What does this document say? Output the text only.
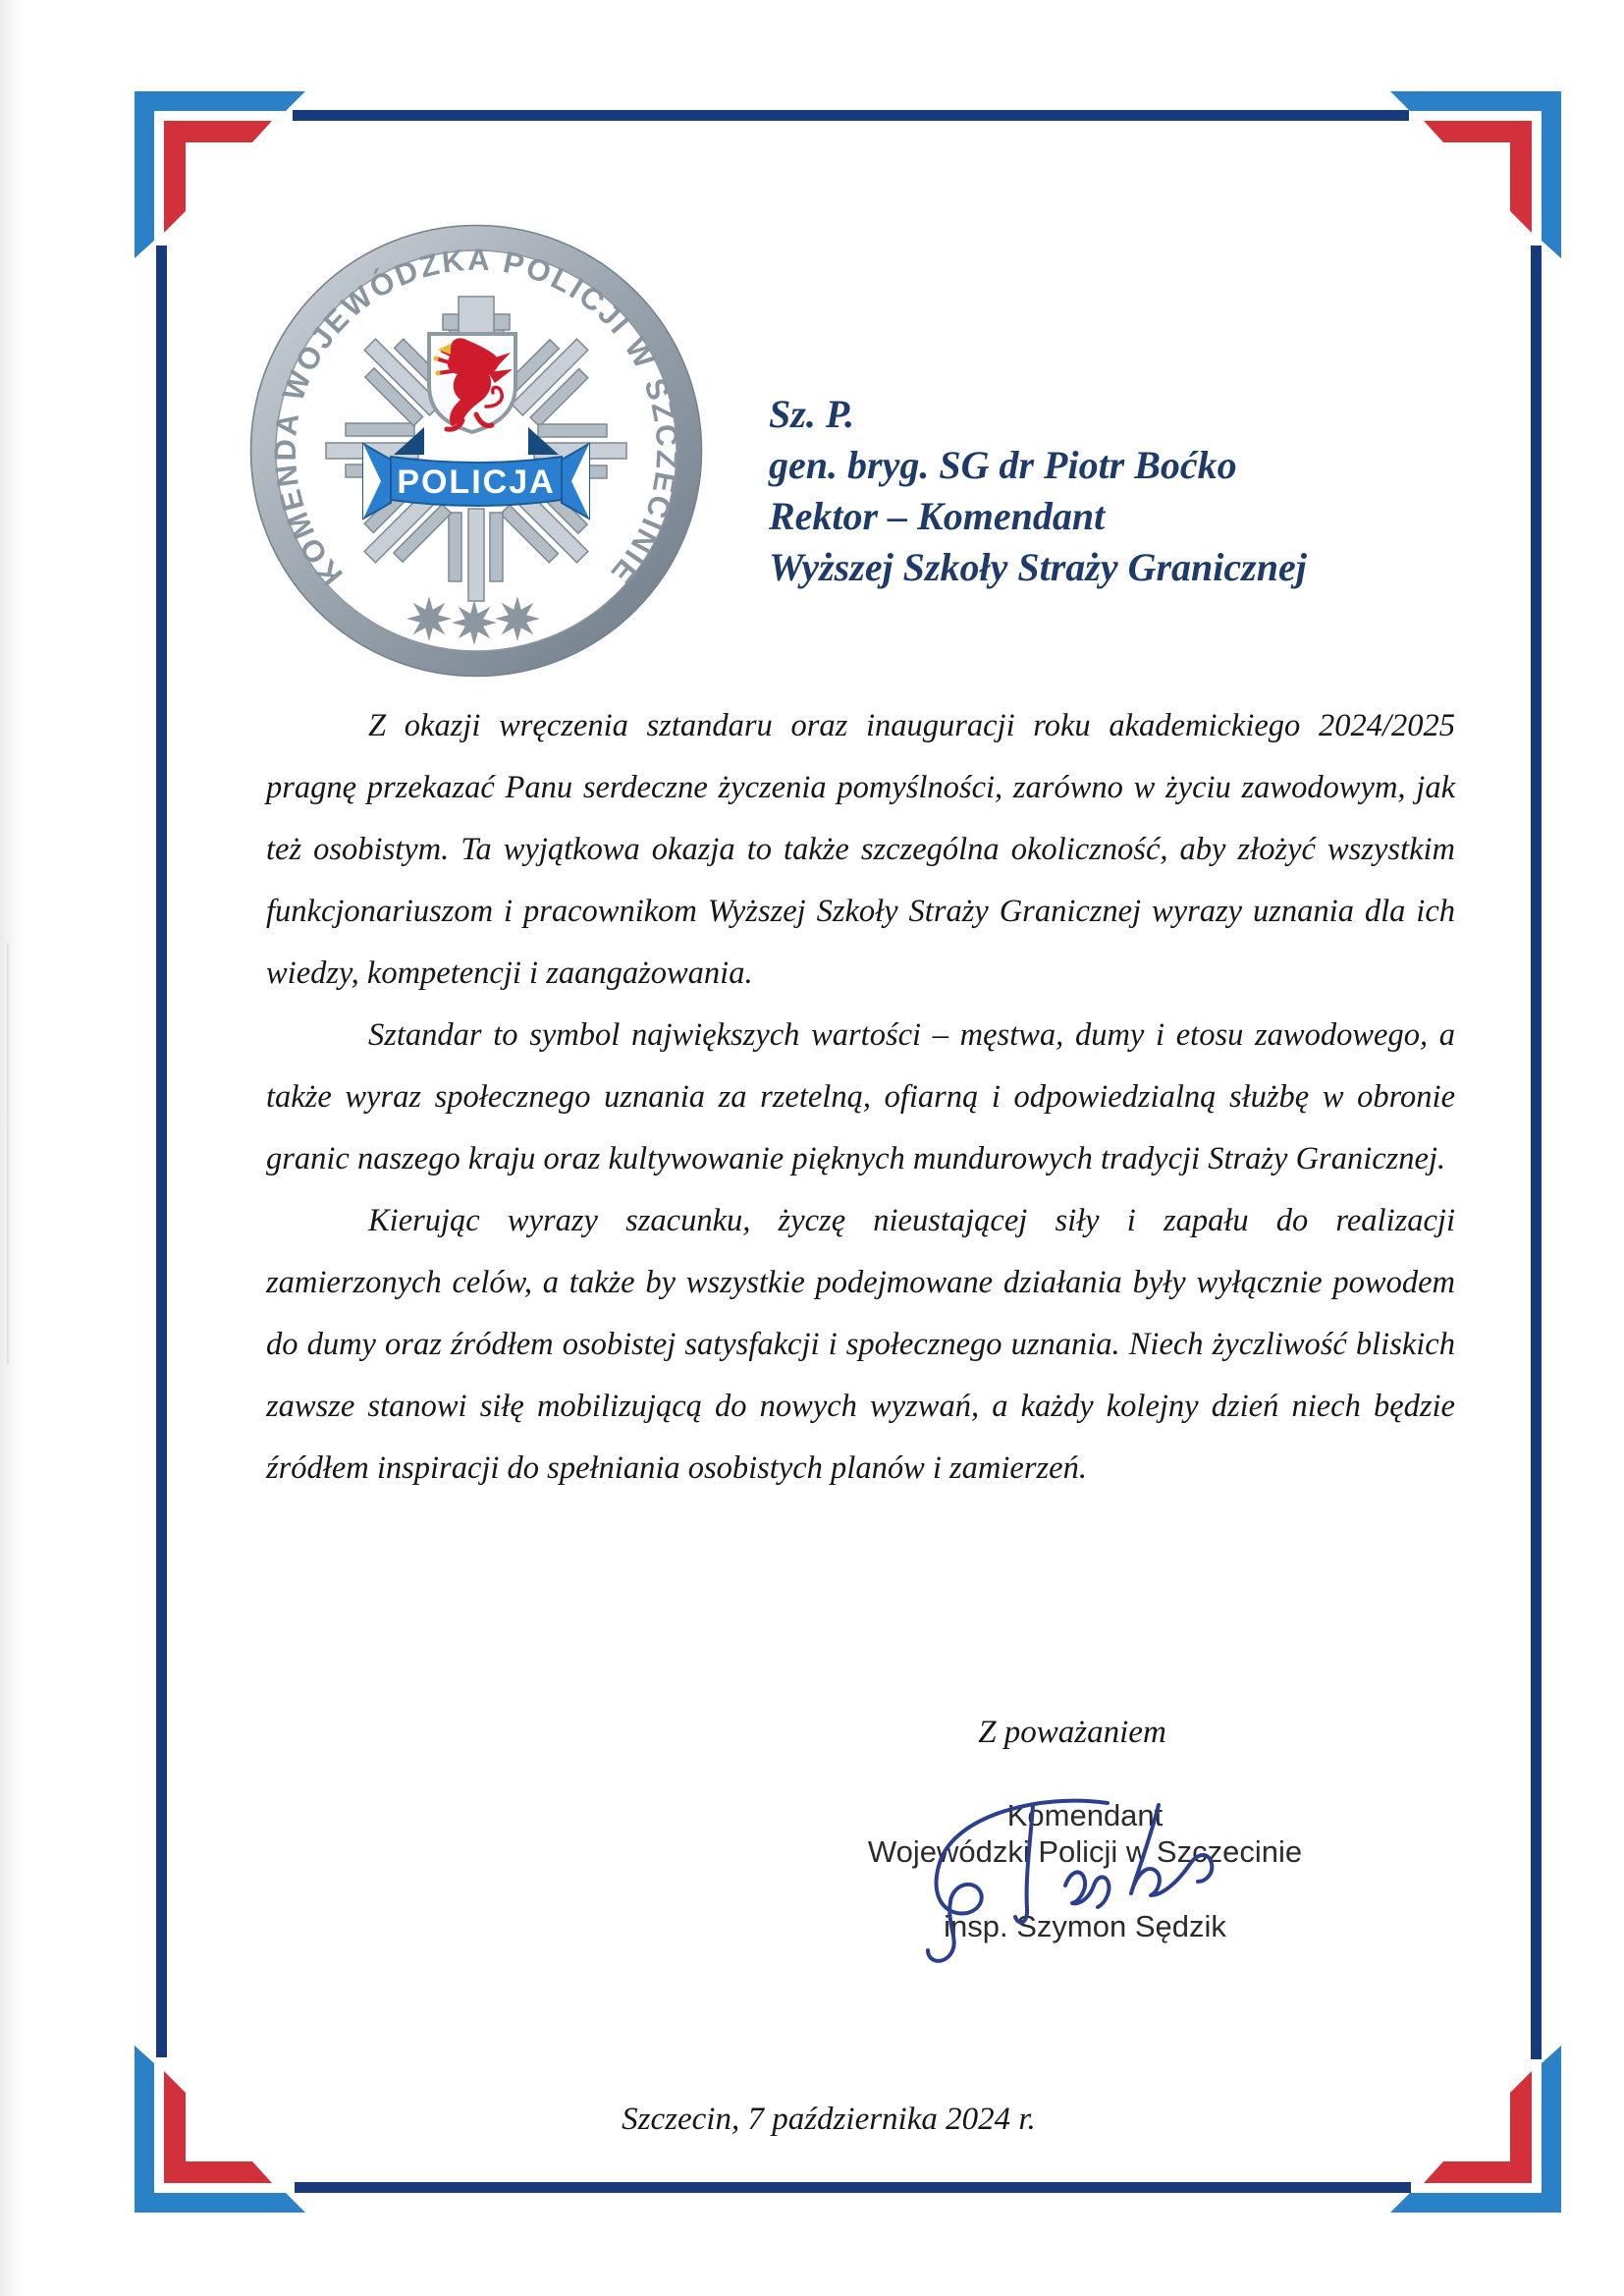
KOMENDA WOJEWÓDZKA POLICJI W SZCZECINIE
POLICJA
Sz. P.
gen. bryg. SG dr Piotr Boćko
Rektor – Komendant
Wyższej Szkoły Straży Granicznej

Z okazji wręczenia sztandaru oraz inauguracji roku akademickiego 2024/2025 pragnę przekazać Panu serdeczne życzenia pomyślności, zarówno w życiu zawodowym, jak też osobistym. Ta wyjątkowa okazja to także szczególna okoliczność, aby złożyć wszystkim funkcjonariuszom i pracownikom Wyższej Szkoły Straży Granicznej wyrazy uznania dla ich wiedzy, kompetencji i zaangażowania.

Sztandar to symbol największych wartości – męstwa, dumy i etosu zawodowego, a także wyraz społecznego uznania za rzetelną, ofiarną i odpowiedzialną służbę w obronie granic naszego kraju oraz kultywowanie pięknych mundurowych tradycji Straży Granicznej.

Kierując wyrazy szacunku, życzę nieustającej siły i zapału do realizacji zamierzonych celów, a także by wszystkie podejmowane działania były wyłącznie powodem do dumy oraz źródłem osobistej satysfakcji i społecznego uznania. Niech życzliwość bliskich zawsze stanowi siłę mobilizującą do nowych wyzwań, a każdy kolejny dzień niech będzie źródłem inspiracji do spełniania osobistych planów i zamierzeń.

Z poważaniem
Komendant
Wojewódzki Policji w Szczecinie
insp. Szymon Sędzik
Szczecin, 7 października 2024 r.
